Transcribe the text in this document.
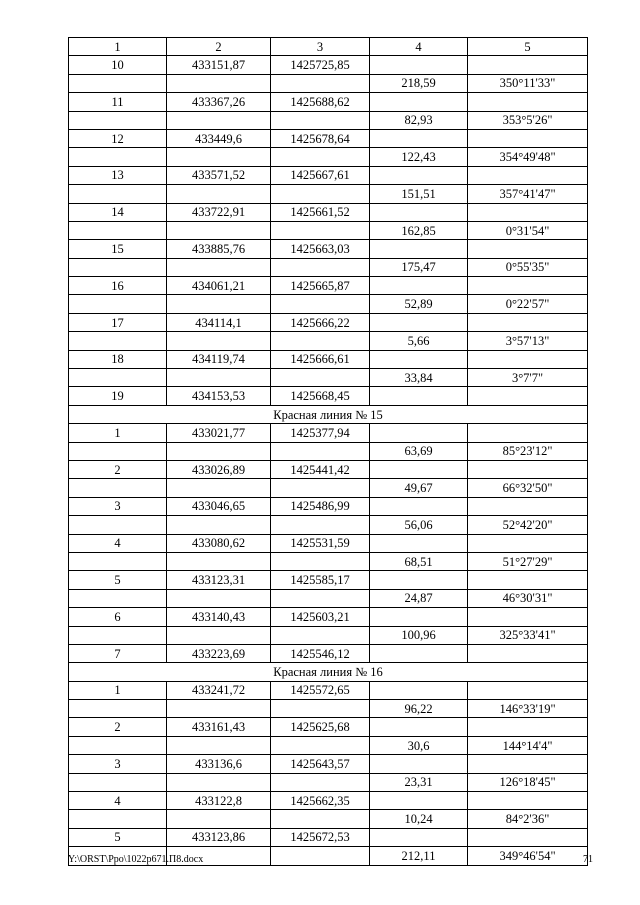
1	2	3	4	5
10	433151,87	1425725,85		
			218,59	350°11'33"
11	433367,26	1425688,62		
			82,93	353°5'26"
12	433449,6	1425678,64		
			122,43	354°49'48"
13	433571,52	1425667,61		
			151,51	357°41'47"
14	433722,91	1425661,52		
			162,85	0°31'54"
15	433885,76	1425663,03		
			175,47	0°55'35"
16	434061,21	1425665,87		
			52,89	0°22'57"
17	434114,1	1425666,22		
			5,66	3°57'13"
18	434119,74	1425666,61		
			33,84	3°7'7"
19	434153,53	1425668,45		
Красная линия № 15				
1	433021,77	1425377,94		
			63,69	85°23'12"
2	433026,89	1425441,42		
			49,67	66°32'50"
3	433046,65	1425486,99		
			56,06	52°42'20"
4	433080,62	1425531,59		
			68,51	51°27'29"
5	433123,31	1425585,17		
			24,87	46°30'31"
6	433140,43	1425603,21		
			100,96	325°33'41"
7	433223,69	1425546,12		
Красная линия № 16				
1	433241,72	1425572,65		
			96,22	146°33'19"
2	433161,43	1425625,68		
			30,6	144°14'4"
3	433136,6	1425643,57		
			23,31	126°18'45"
4	433122,8	1425662,35		
			10,24	84°2'36"
5	433123,86	1425672,53		
			212,11	349°46'54"
Y:\ORST\Ppo\1022p671.П8.docx	71
